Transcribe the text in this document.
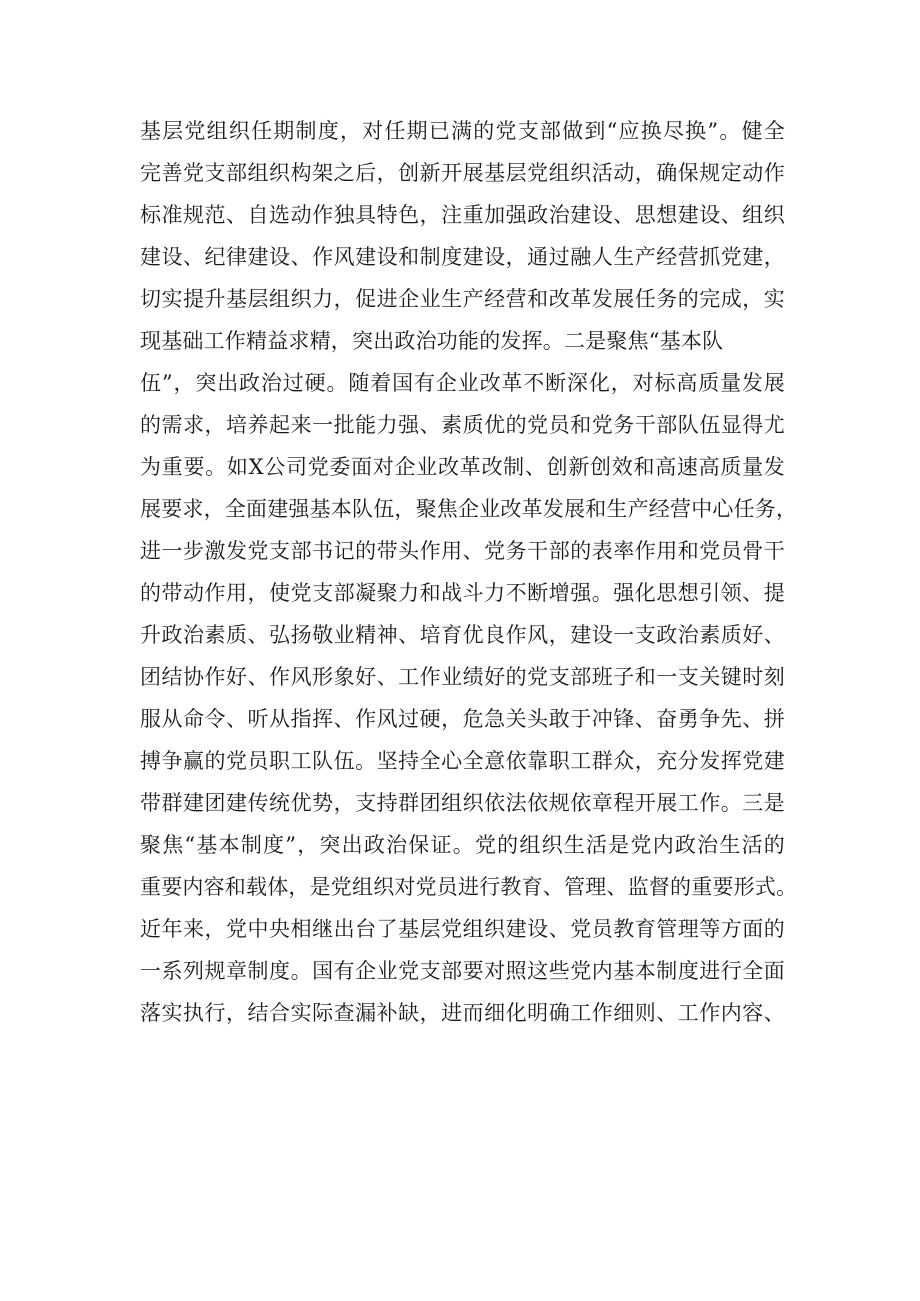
基层党组织任期制度，对任期已满的党支部做到“应换尽换”。健全
完善党支部组织构架之后，创新开展基层党组织活动，确保规定动作
标准规范、自选动作独具特色，注重加强政治建设、思想建设、组织
建设、纪律建设、作风建设和制度建设，通过融人生产经营抓党建，
切实提升基层组织力，促进企业生产经营和改革发展任务的完成，实
现基础工作精益求精，突出政治功能的发挥。二是聚焦“基本队
伍”，突出政治过硬。随着国有企业改革不断深化，对标高质量发展
的需求，培养起来一批能力强、素质优的党员和党务干部队伍显得尤
为重要。如X公司党委面对企业改革改制、创新创效和高速高质量发
展要求，全面建强基本队伍，聚焦企业改革发展和生产经营中心任务，
进一步激发党支部书记的带头作用、党务干部的表率作用和党员骨干
的带动作用，使党支部凝聚力和战斗力不断增强。强化思想引领、提
升政治素质、弘扬敬业精神、培育优良作风，建设一支政治素质好、
团结协作好、作风形象好、工作业绩好的党支部班子和一支关键时刻
服从命令、听从指挥、作风过硬，危急关头敢于冲锋、奋勇争先、拼
搏争赢的党员职工队伍。坚持全心全意依靠职工群众，充分发挥党建
带群建团建传统优势，支持群团组织依法依规依章程开展工作。三是
聚焦“基本制度”，突出政治保证。党的组织生活是党内政治生活的
重要内容和载体，是党组织对党员进行教育、管理、监督的重要形式。
近年来，党中央相继出台了基层党组织建设、党员教育管理等方面的
一系列规章制度。国有企业党支部要对照这些党内基本制度进行全面
落实执行，结合实际查漏补缺，进而细化明确工作细则、工作内容、
